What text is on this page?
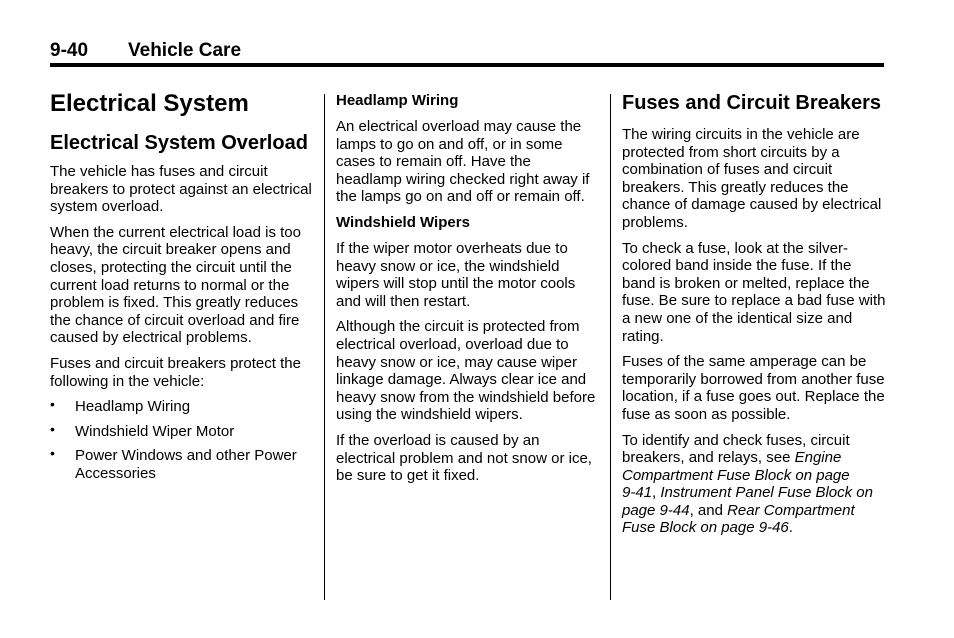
9-40 Vehicle Care
Electrical System
Electrical System Overload

The vehicle has fuses and circuit breakers to protect against an electrical system overload.

When the current electrical load is too heavy, the circuit breaker opens and closes, protecting the circuit until the current load returns to normal or the problem is fixed. This greatly reduces the chance of circuit overload and fire caused by electrical problems.

Fuses and circuit breakers protect the following in the vehicle:

• Headlamp Wiring
• Windshield Wiper Motor
• Power Windows and other Power Accessories
Headlamp Wiring

An electrical overload may cause the lamps to go on and off, or in some cases to remain off. Have the headlamp wiring checked right away if the lamps go on and off or remain off.

Windshield Wipers

If the wiper motor overheats due to heavy snow or ice, the windshield wipers will stop until the motor cools and will then restart.

Although the circuit is protected from electrical overload, overload due to heavy snow or ice, may cause wiper linkage damage. Always clear ice and heavy snow from the windshield before using the windshield wipers.

If the overload is caused by an electrical problem and not snow or ice, be sure to get it fixed.

Fuses and Circuit Breakers

The wiring circuits in the vehicle are protected from short circuits by a combination of fuses and circuit breakers. This greatly reduces the chance of damage caused by electrical problems.

To check a fuse, look at the silver-colored band inside the fuse. If the band is broken or melted, replace the fuse. Be sure to replace a bad fuse with a new one of the identical size and rating.

Fuses of the same amperage can be temporarily borrowed from another fuse location, if a fuse goes out. Replace the fuse as soon as possible.

To identify and check fuses, circuit breakers, and relays, see Engine Compartment Fuse Block on page 9‑41, Instrument Panel Fuse Block on page 9‑44, and Rear Compartment Fuse Block on page 9‑46.
